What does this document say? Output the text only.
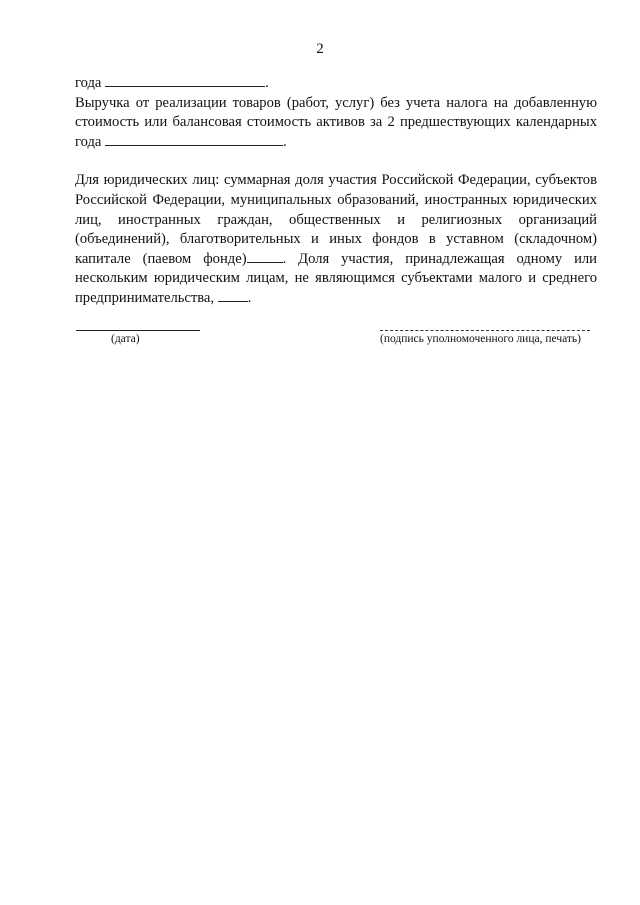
2

года	.
Выручка от реализации товаров (работ, услуг) без учета налога на добавленную стоимость или балансовая стоимость активов за 2 предшествующих календарных года	.

Для юридических лиц: суммарная доля участия Российской Федерации, субъектов Российской Федерации, муниципальных образований, иностранных юридических лиц, иностранных граждан, общественных и религиозных организаций (объединений), благотворительных и иных фондов в уставном (складочном) капитале (паевом фонде) . Доля участия, принадлежащая одному или нескольким юридическим лицам, не являющимся субъектами малого и среднего предпринимательства, .

(дата)	(подпись уполномоченного лица, печать)
